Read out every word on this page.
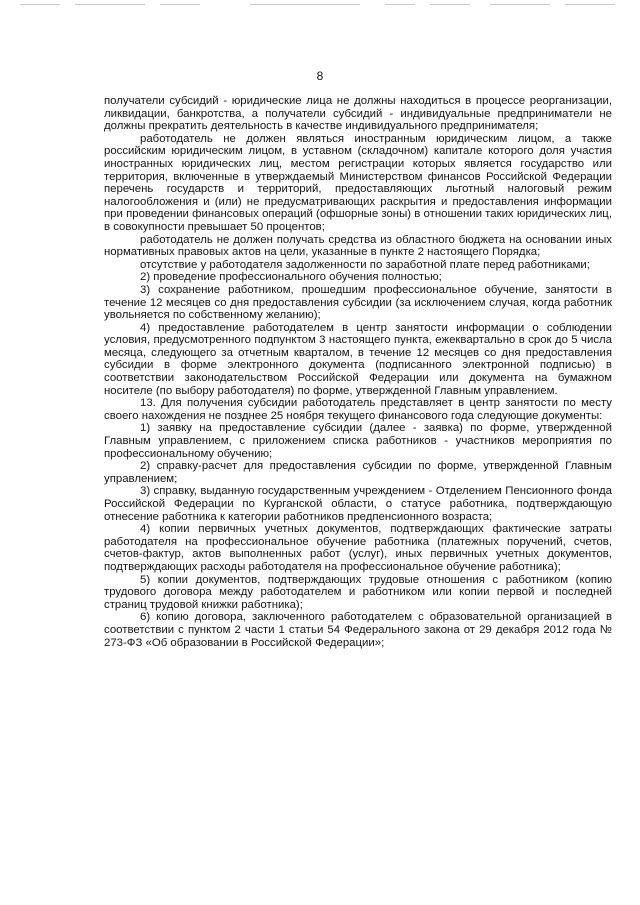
8

получатели субсидий - юридические лица не должны находиться в процессе реорганизации, ликвидации, банкротства, а получатели субсидий - индивидуальные предприниматели не должны прекратить деятельность в качестве индивидуального предпринимателя;

работодатель не должен являться иностранным юридическим лицом, а также российским юридическим лицом, в уставном (складочном) капитале которого доля участия иностранных юридических лиц, местом регистрации которых является государство или территория, включенные в утверждаемый Министерством финансов Российской Федерации перечень государств и территорий, предоставляющих льготный налоговый режим налогообложения и (или) не предусматривающих раскрытия и предоставления информации при проведении финансовых операций (офшорные зоны) в отношении таких юридических лиц, в совокупности превышает 50 процентов;

работодатель не должен получать средства из областного бюджета на основании иных нормативных правовых актов на цели, указанные в пункте 2 настоящего Порядка;

отсутствие у работодателя задолженности по заработной плате перед работниками;

2) проведение профессионального обучения полностью;

3) сохранение работником, прошедшим профессиональное обучение, занятости в течение 12 месяцев со дня предоставления субсидии (за исключением случая, когда работник увольняется по собственному желанию);

4) предоставление работодателем в центр занятости информации о соблюдении условия, предусмотренного подпунктом 3 настоящего пункта, ежеквартально в срок до 5 числа месяца, следующего за отчетным кварталом, в течение 12 месяцев со дня предоставления субсидии в форме электронного документа (подписанного электронной подписью) в соответствии законодательством Российской Федерации или документа на бумажном носителе (по выбору работодателя) по форме, утвержденной Главным управлением.

13. Для получения субсидии работодатель представляет в центр занятости по месту своего нахождения не позднее 25 ноября текущего финансового года следующие документы:

1) заявку на предоставление субсидии (далее - заявка) по форме, утвержденной Главным управлением, с приложением списка работников - участников мероприятия по профессиональному обучению;

2) справку-расчет для предоставления субсидии по форме, утвержденной Главным управлением;

3) справку, выданную государственным учреждением - Отделением Пенсионного фонда Российской Федерации по Курганской области, о статусе работника, подтверждающую отнесение работника к категории работников предпенсионного возраста;

4) копии первичных учетных документов, подтверждающих фактические затраты работодателя на профессиональное обучение работника (платежных поручений, счетов, счетов-фактур, актов выполненных работ (услуг), иных первичных учетных документов, подтверждающих расходы работодателя на профессиональное обучение работника);

5) копии документов, подтверждающих трудовые отношения с работником (копию трудового договора между работодателем и работником или копии первой и последней страниц трудовой книжки работника);

6) копию договора, заключенного работодателем с образовательной организацией в соответствии с пунктом 2 части 1 статьи 54 Федерального закона от 29 декабря 2012 года № 273-ФЗ «Об образовании в Российской Федерации»;
